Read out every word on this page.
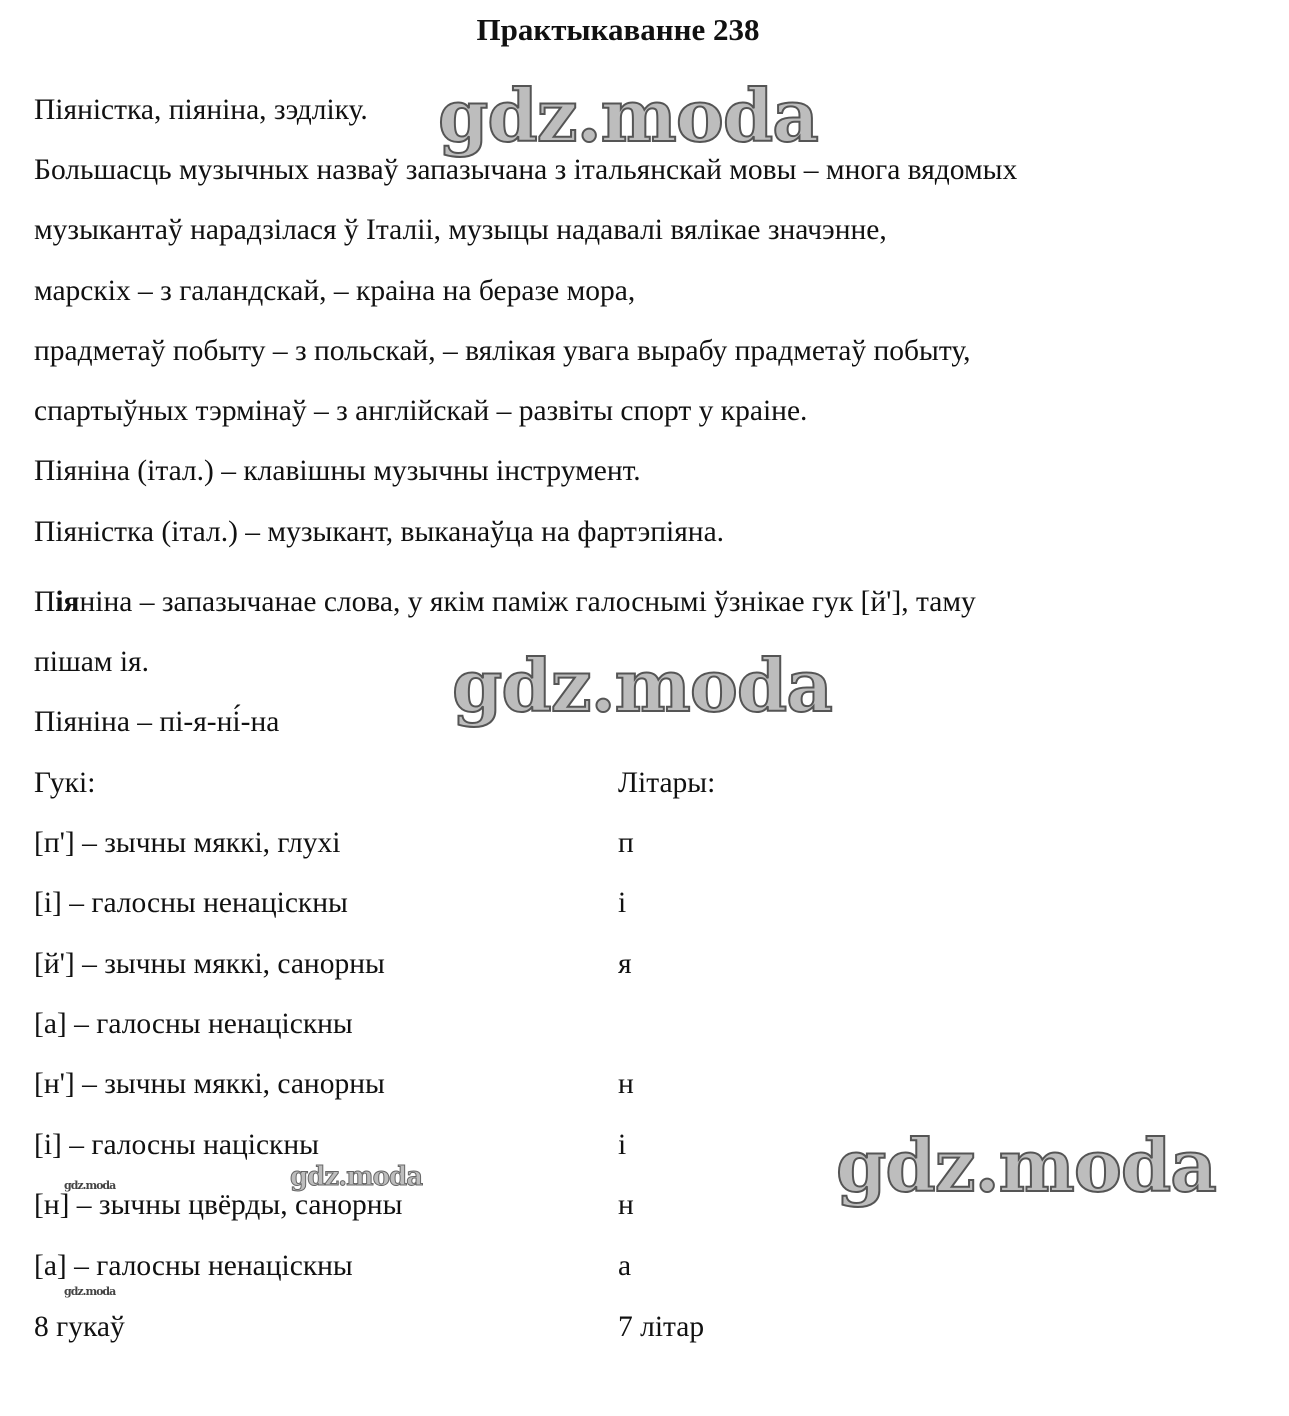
Практыкаванне 238
Піяністка, піяніна, зэдліку.
Большасць музычных назваў запазычана з італьянскай мовы – многа вядомых
музыкантаў нарадзілася ў Італіі, музыцы надавалі вялікае значэнне,
марскіх – з галандскай, – краіна на беразе мора,
прадметаў побыту – з польскай, – вялікая увага вырабу прадметаў побыту,
спартыўных тэрмінаў – з англійскай – развіты спорт у краіне.
Піяніна (італ.) – клавішны музычны інструмент.
Піяністка (італ.) – музыкант, выканаўца на фартэпіяна.
Піяніна – запазычанае слова, у якім паміж галоснымі ўзнікае гук [й'], таму
пішам ія.
Піяніна – пі-я-ні́-на
Гукі:	Літары:
[п'] – зычны мяккі, глухі	п
[і] – галосны ненаціскны	і
[й'] – зычны мяккі, санорны	я
[а] – галосны ненаціскны
[н'] – зычны мяккі, санорны	н
[і] – галосны націскны	і
[н] – зычны цвёрды, санорны	н
[а] – галосны ненаціскны	а
8 гукаў	7 літар
gdz.moda
gdz.moda
gdz.moda
gdz.moda
gdz.moda
gdz.moda
